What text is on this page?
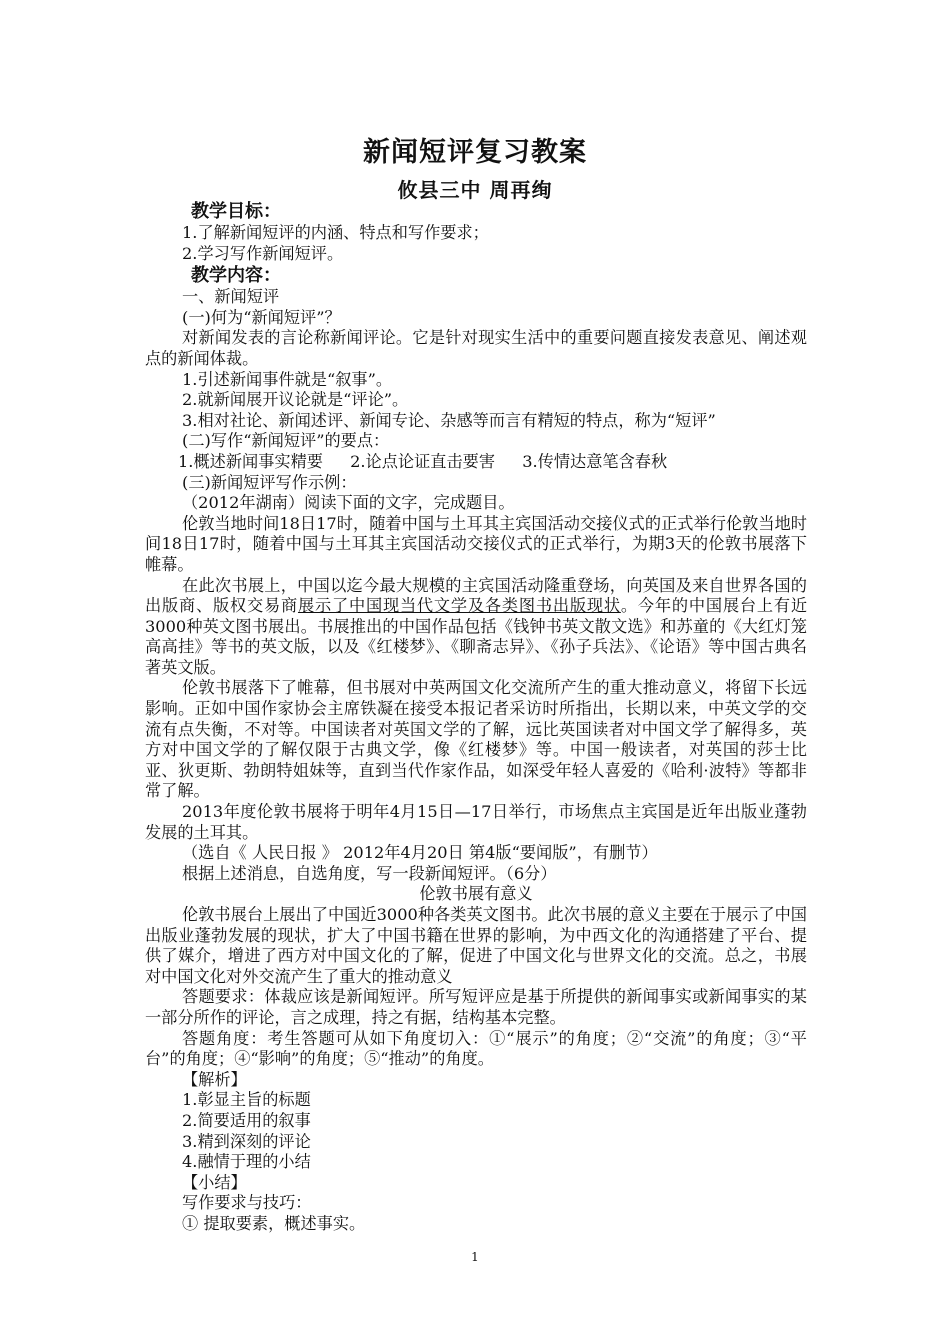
新闻短评复习教案
攸县三中 周再绚

教学目标：

1.了解新闻短评的内涵、特点和写作要求；

2.学习写作新闻短评。

教学内容：

一、新闻短评

(一)何为“新闻短评”？

对新闻发表的言论称新闻评论。它是针对现实生活中的重要问题直接发表意见、阐述观点的新闻体裁。

1.引述新闻事件就是“叙事”。

2.就新闻展开议论就是“评论”。

3.相对社论、新闻述评、新闻专论、杂感等而言有精短的特点，称为“短评”

(二)写作“新闻短评”的要点：

1.概述新闻事实精要 2.论点论证直击要害 3.传情达意笔含春秋

(三)新闻短评写作示例：

（2012年湖南）阅读下面的文字，完成题目。

伦敦当地时间18日17时，随着中国与土耳其主宾国活动交接仪式的正式举行伦敦当地时间18日17时，随着中国与土耳其主宾国活动交接仪式的正式举行，为期3天的伦敦书展落下帷幕。

在此次书展上，中国以迄今最大规模的主宾国活动隆重登场，向英国及来自世界各国的出版商、版权交易商展示了中国现当代文学及各类图书出版现状。今年的中国展台上有近3000种英文图书展出。书展推出的中国作品包括《钱钟书英文散文选》和苏童的《大红灯笼高高挂》等书的英文版，以及《红楼梦》、《聊斋志异》、《孙子兵法》、《论语》等中国古典名著英文版。

伦敦书展落下了帷幕，但书展对中英两国文化交流所产生的重大推动意义，将留下长远影响。正如中国作家协会主席铁凝在接受本报记者采访时所指出，长期以来，中英文学的交流有点失衡，不对等。中国读者对英国文学的了解，远比英国读者对中国文学了解得多，英方对中国文学的了解仅限于古典文学，像《红楼梦》等。中国一般读者，对英国的莎士比亚、狄更斯、勃朗特姐妹等，直到当代作家作品，如深受年轻人喜爱的《哈利·波特》等都非常了解。

2013年度伦敦书展将于明年4月15日—17日举行，市场焦点主宾国是近年出版业蓬勃发展的土耳其。

（选自《 人民日报 》 2012年4月20日 第4版“要闻版”，有删节）

根据上述消息，自选角度，写一段新闻短评。（6分）

伦敦书展有意义

伦敦书展台上展出了中国近3000种各类英文图书。此次书展的意义主要在于展示了中国出版业蓬勃发展的现状，扩大了中国书籍在世界的影响，为中西文化的沟通搭建了平台、提供了媒介，增进了西方对中国文化的了解，促进了中国文化与世界文化的交流。总之，书展对中国文化对外交流产生了重大的推动意义

答题要求：体裁应该是新闻短评。所写短评应是基于所提供的新闻事实或新闻事实的某一部分所作的评论，言之成理，持之有据，结构基本完整。

答题角度：考生答题可从如下角度切入：①“展示”的角度；②“交流”的角度；③“平台”的角度；④“影响”的角度；⑤“推动”的角度。

【解析】

1.彰显主旨的标题

2.简要适用的叙事

3.精到深刻的评论

4.融情于理的小结

【小结】

写作要求与技巧：

① 提取要素，概述事实。

1
